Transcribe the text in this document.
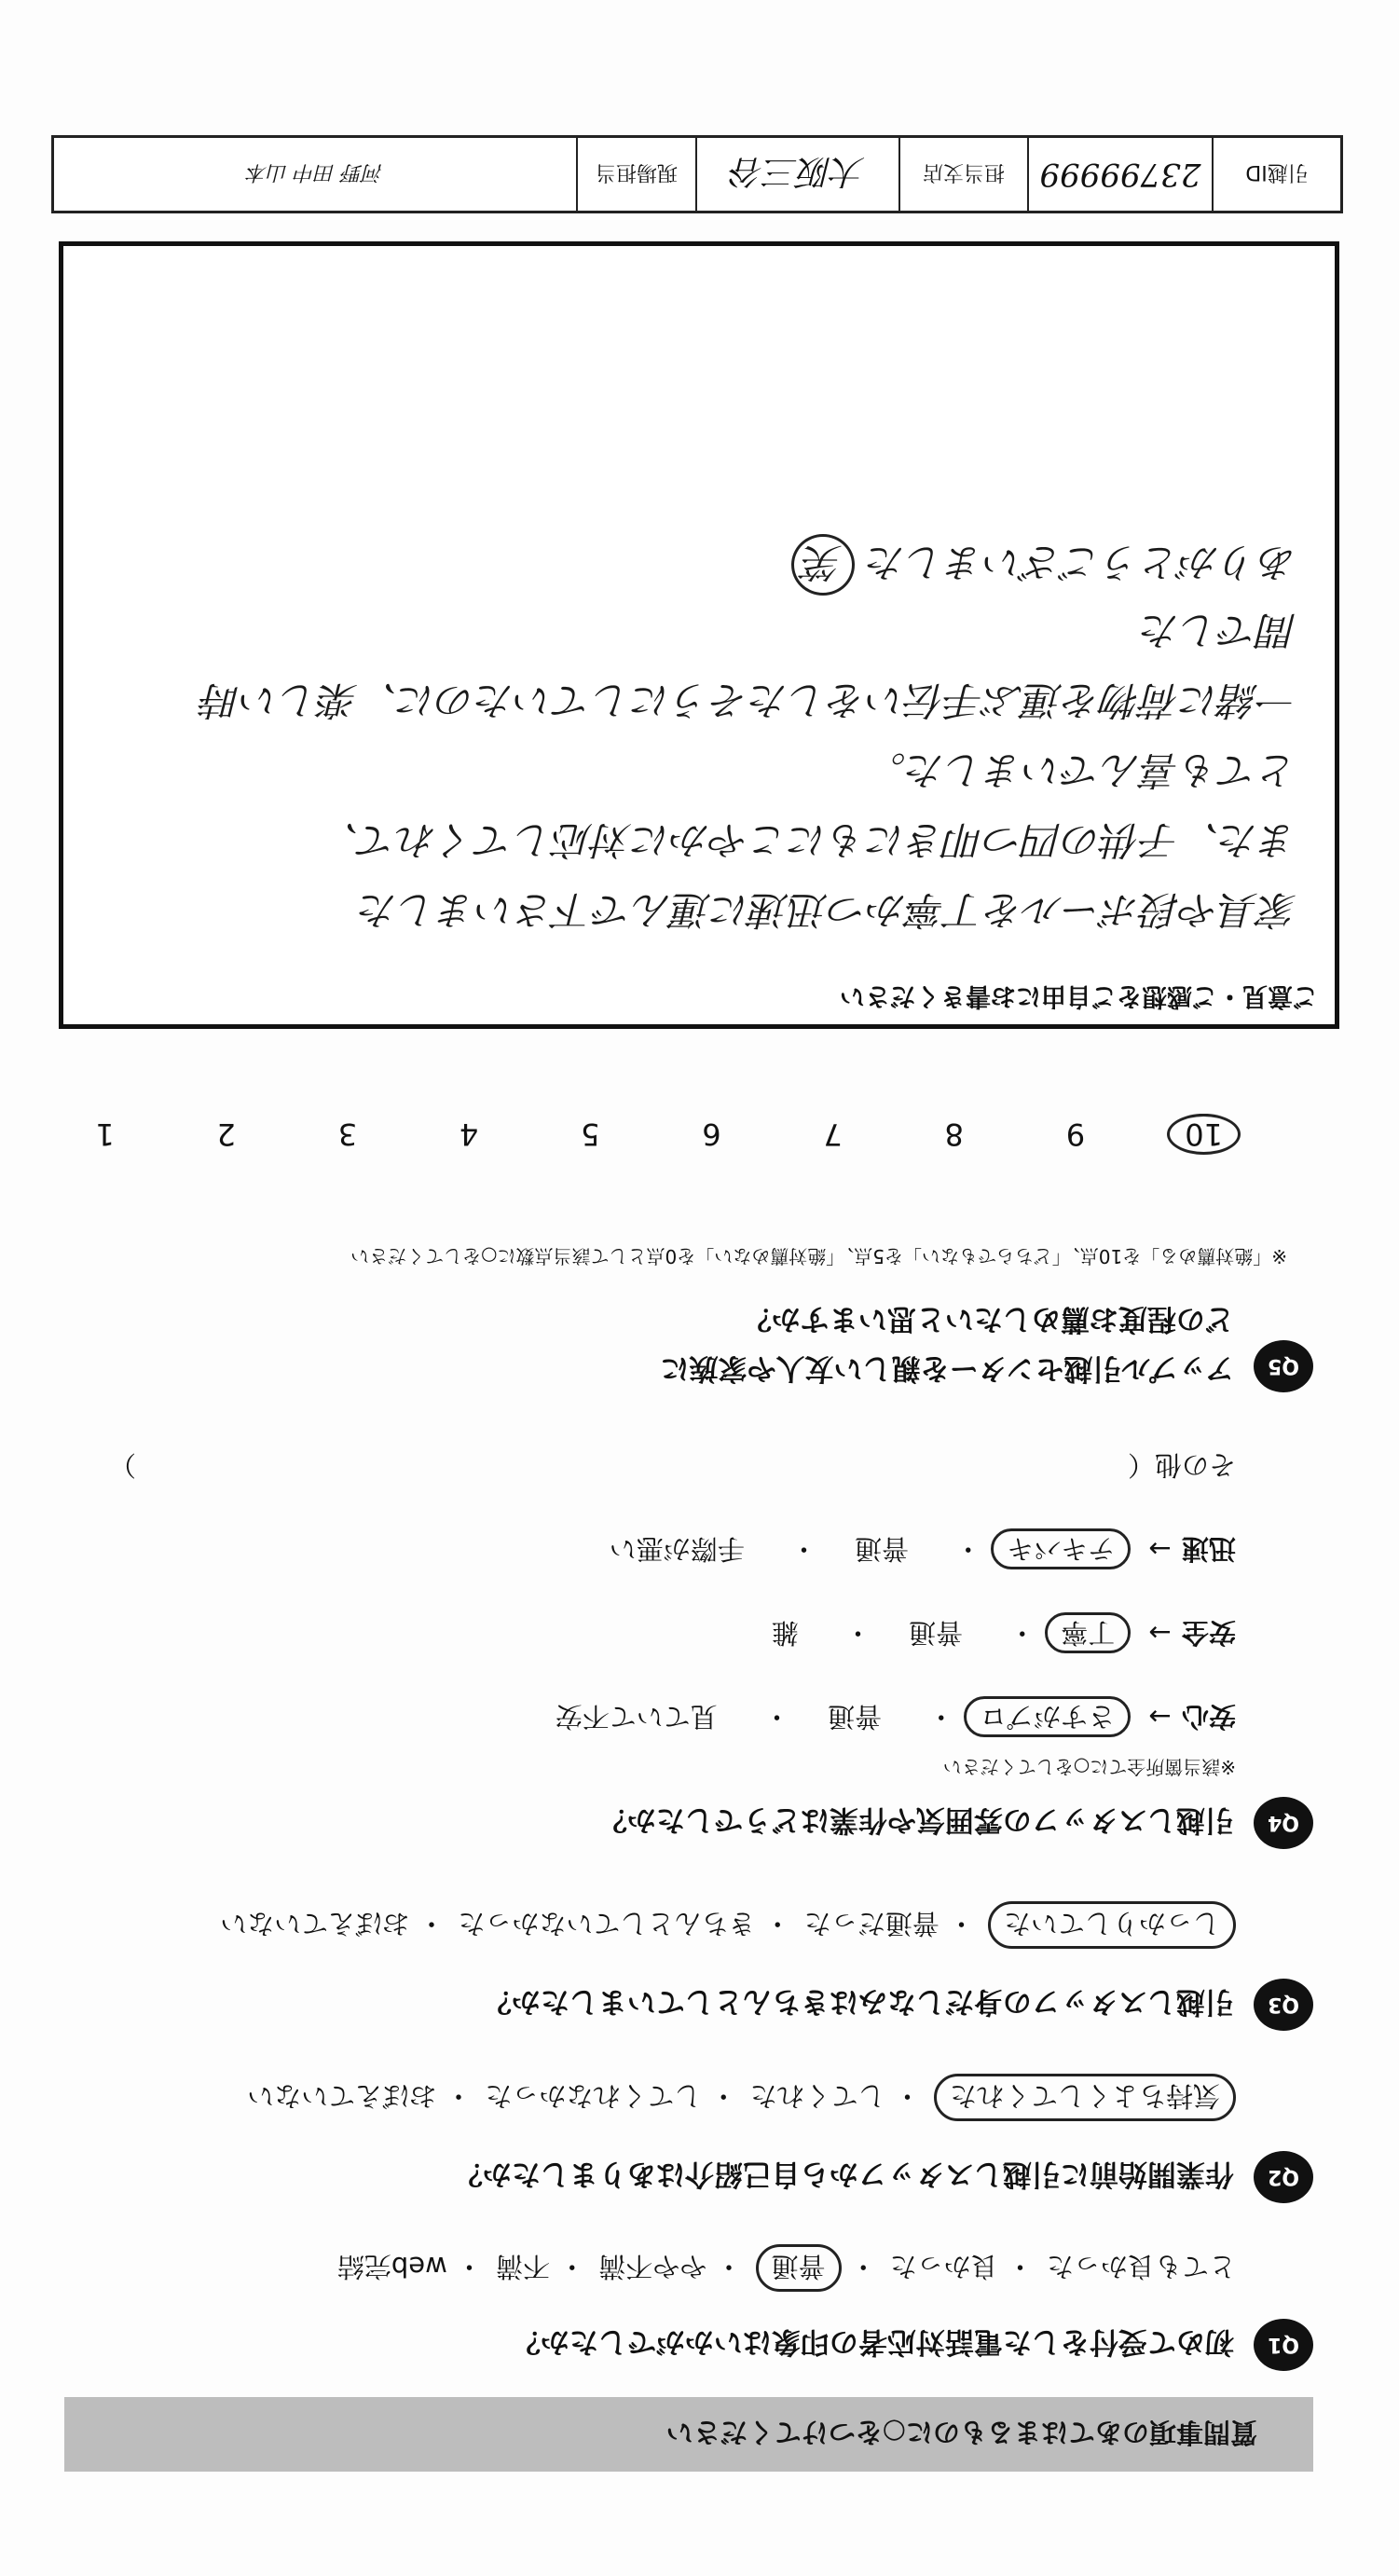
質問事項のあてはまるものに○をつけてください
Q1 初めて受付をした電話対応者の印象はいかがでしたか？
とても良かった・ 良かった・ 普通・ やや不満・ 不満・ web完結
Q2 作業開始前に引越しスタッフから自己紹介はありましたか？
気持ちよくしてくれた・ してくれた・ してくれなかった・ おぼえていない
Q3 引越しスタッフの身だしなみはきちんとしていましたか？
しっかりしていた・ 普通だった・ きちんとしていなかった・ おぼえていない
Q4 引越しスタッフの雰囲気や作業はどうでしたか？
※該当箇所全てに○をしてください
安心 → さすがプロ・ 普通・ 見ていて不安
安全 → 丁寧・ 普通・ 雑
迅速 → テキパキ・ 普通・ 手際が悪い
その他（
）
Q5
アップル引越センターを親しい友人や家族に
どの程度お薦めしたいと思いますか？
※「絶対薦める」を10点、「どちらでもない」を5点、「絶対薦めない」を0点として該当点数に○をしてください
10 9 8 7 6 5 4 3 2 1
ご意見・ご感想をご自由にお書きください
家具や段ボールを丁寧かつ迅速に運んで下さいました
また、子供の四つ叩きにもにこやかに対応してくれて、
とても喜んでいました。
一緒に荷物を運ぶ手伝いをしたそうにしていたのに、楽しい時
間でした
ありがとうございました 笑
引越ID
23799999
担当支店
大阪三谷
現場担当
河野 田中 山本
